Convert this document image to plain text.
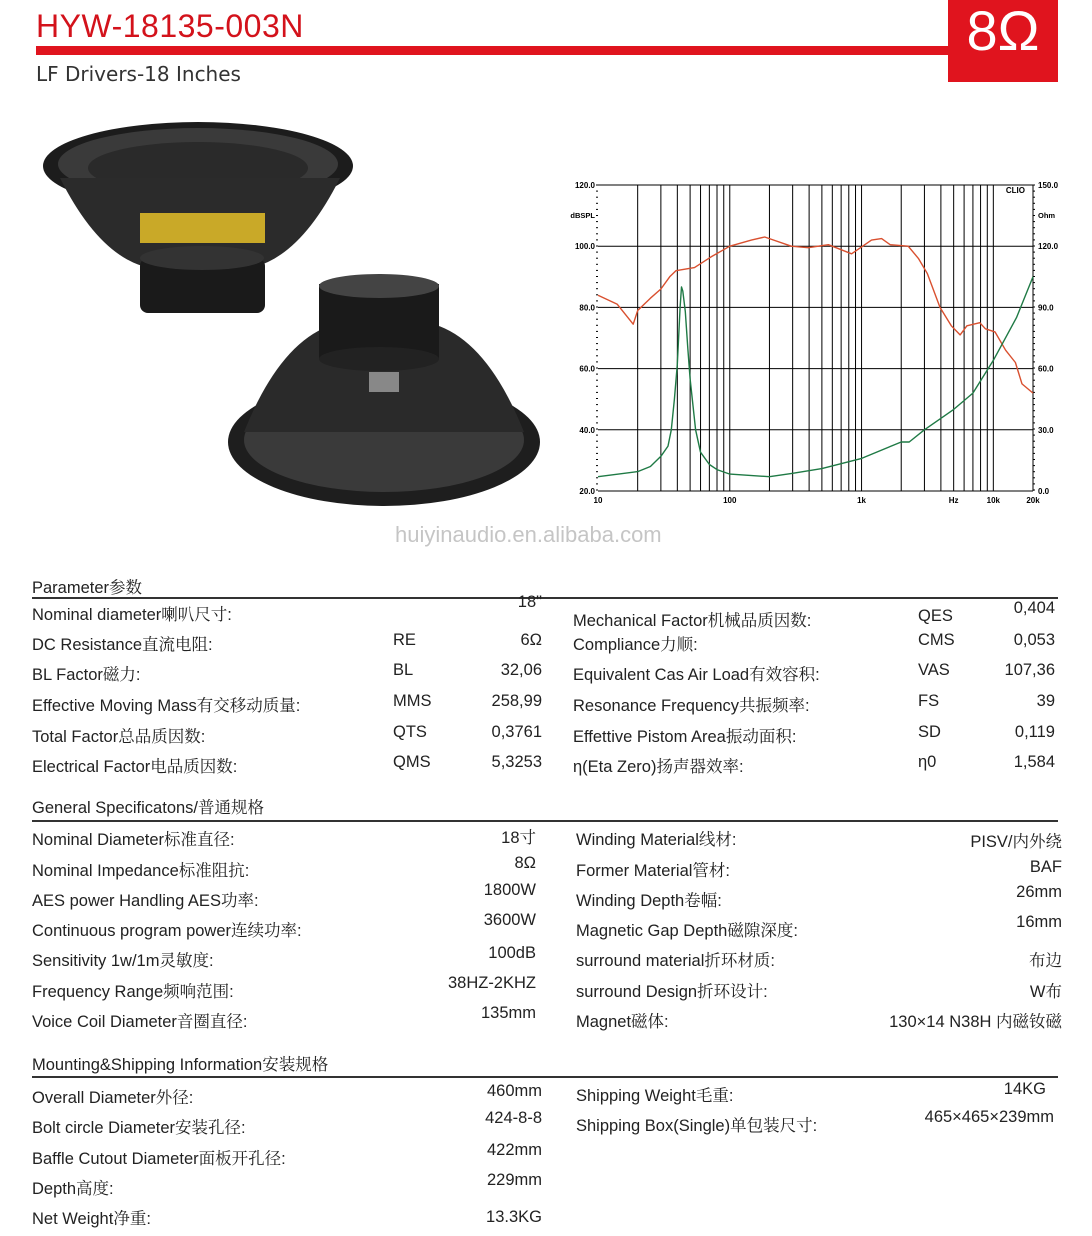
HYW-18135-003N	8Ω
LF Drivers-18 Inches
20.0	0.0
40.0	30.0
60.0	60.0
80.0	90.0
100.0	120.0
120.0	150.0
10	100	1k	Hz	10k	20k
dBSPL	Ohm
CLIO
huiyinaudio.en.alibaba.com
Parameter参数
Nominal diameter喇叭尺寸:
18"
DC Resistance直流电阻:	RE	6Ω
BL Factor磁力:	BL	32,06
Effective Moving Mass有交移动质量:	MMS	258,99
Total Factor总品质因数:	QTS	0,3761
Electrical Factor电品质因数:	QMS	5,3253
Mechanical Factor机械品质因数:	QES	0,404
Compliance力顺:	CMS	0,053
Equivalent Cas Air Load有效容积:	VAS	107,36
Resonance Frequency共振频率:	FS	39
Effettive Pistom Area振动面积:	SD	0,119
η(Eta Zero)扬声器效率:	η0	1,584
General Specificatons/普通规格
Nominal Diameter标准直径:	18寸
Nominal Impedance标准阻抗:	8Ω
AES power Handling AES功率:
1800W
Continuous program power连续功率:
3600W
Sensitivity 1w/1m灵敏度:	100dB
Frequency Range频响范围:	38HZ-2KHZ
Voice Coil Diameter音圈直径:	135mm
Winding Material线材:	PISV/内外绕
Former Material管材:	BAF
Winding Depth卷幅:	26mm
Magnetic Gap Depth磁隙深度:	16mm
surround material折环材质:	布边
surround Design折环设计:	W布
Magnet磁体:	130×14 N38H 内磁钕磁
Mounting&Shipping Information安装规格
Overall Diameter外径:	460mm
Bolt circle Diameter安装孔径:
424-8-8
Baffle Cutout Diameter面板开孔径:	422mm
Depth高度:	229mm
Net Weight净重:	13.3KG
Shipping Weight毛重:	14KG
Shipping Box(Single)单包装尺寸:	465×465×239mm
